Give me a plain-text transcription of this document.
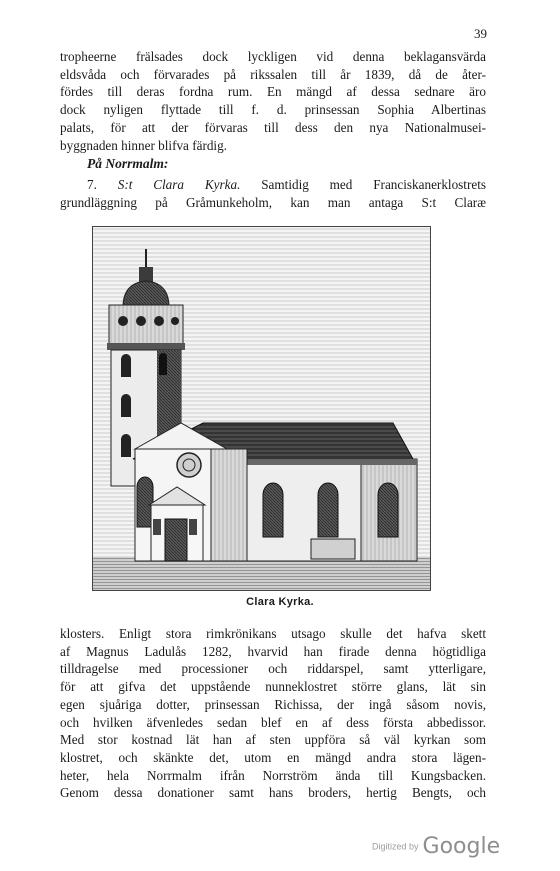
39

tropheerne frälsades dock lyckligen vid denna beklagansvärda
eldsvåda och förvarades på rikssalen till år 1839, då de åter-
fördes till deras fordna rum. En mängd af dessa sednare äro
dock nyligen flyttade till f. d. prinsessan Sophia Albertinas
palats, för att der förvaras till dess den nya Nationalmusei-
byggnaden hinner blifva färdig.

På Norrmalm:

7. S:t Clara Kyrka. Samtidig med Franciskanerklostrets
grundläggning på Gråmunkeholm, kan man antaga S:t Claræ

Clara Kyrka.

klosters. Enligt stora rimkrönikans utsago skulle det hafva skett
af Magnus Ladulås 1282, hvarvid han firade denna högtidliga
tilldragelse med processioner och riddarspel, samt ytterligare,
för att gifva det uppstående nunneklostret större glans, lät sin
egen sjuåriga dotter, prinsessan Richissa, der ingå såsom novis,
och hvilken äfvenledes sedan blef en af dess första abbedissor.
Med stor kostnad lät han af sten uppföra så väl kyrkan som
klostret, och skänkte det, utom en mängd andra stora lägen-
heter, hela Norrmalm ifrån Norrström ända till Kungsbacken.
Genom dessa donationer samt hans broders, hertig Bengts, och

Digitized by Google
